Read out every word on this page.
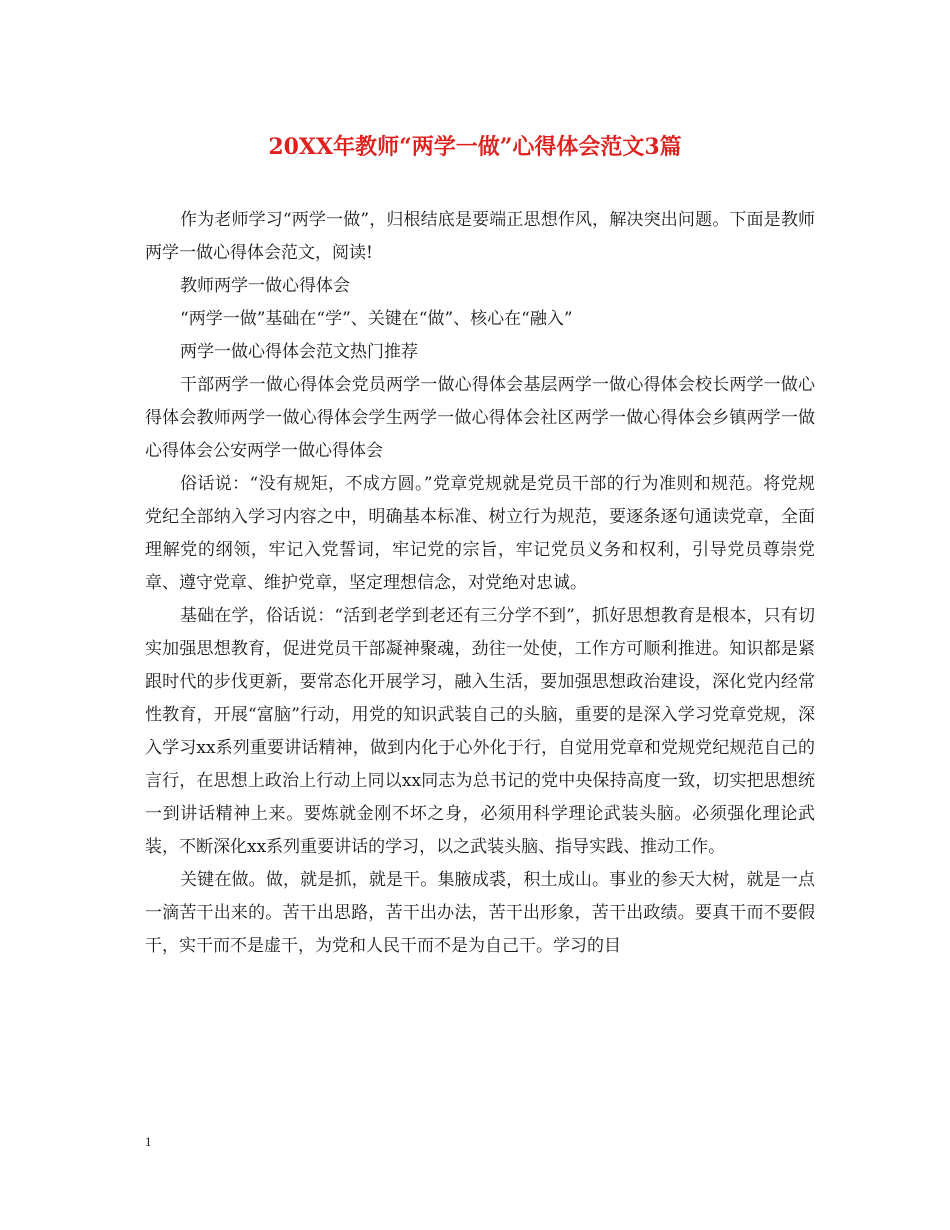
20XX年教师“两学一做”心得体会范文3篇

作为老师学习“两学一做”，归根结底是要端正思想作风，解决突出问题。下面是教师两学一做心得体会范文，阅读!

教师两学一做心得体会

“两学一做”基础在“学”、关键在“做”、核心在“融入”

两学一做心得体会范文热门推荐

干部两学一做心得体会党员两学一做心得体会基层两学一做心得体会校长两学一做心得体会教师两学一做心得体会学生两学一做心得体会社区两学一做心得体会乡镇两学一做心得体会公安两学一做心得体会

俗话说：“没有规矩，不成方圆。”党章党规就是党员干部的行为准则和规范。将党规党纪全部纳入学习内容之中，明确基本标准、树立行为规范，要逐条逐句通读党章，全面理解党的纲领，牢记入党誓词，牢记党的宗旨，牢记党员义务和权利，引导党员尊崇党章、遵守党章、维护党章，坚定理想信念，对党绝对忠诚。

基础在学，俗话说：“活到老学到老还有三分学不到”，抓好思想教育是根本，只有切实加强思想教育，促进党员干部凝神聚魂，劲往一处使，工作方可顺利推进。知识都是紧跟时代的步伐更新，要常态化开展学习，融入生活，要加强思想政治建设，深化党内经常性教育，开展“富脑”行动，用党的知识武装自己的头脑，重要的是深入学习党章党规，深入学习xx系列重要讲话精神，做到内化于心外化于行，自觉用党章和党规党纪规范自己的言行，在思想上政治上行动上同以xx同志为总书记的党中央保持高度一致，切实把思想统一到讲话精神上来。要炼就金刚不坏之身，必须用科学理论武装头脑。必须强化理论武装，不断深化xx系列重要讲话的学习，以之武装头脑、指导实践、推动工作。

关键在做。做，就是抓，就是干。集腋成裘，积土成山。事业的参天大树，就是一点一滴苦干出来的。苦干出思路，苦干出办法，苦干出形象，苦干出政绩。要真干而不要假干，实干而不是虚干，为党和人民干而不是为自己干。学习的目

1
